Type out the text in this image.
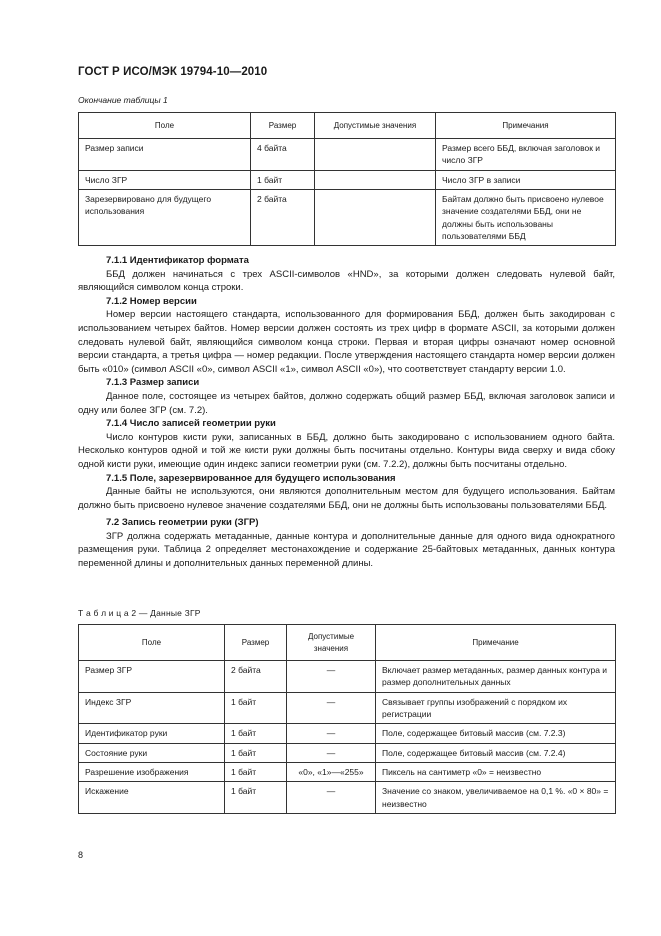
ГОСТ Р ИСО/МЭК 19794-10—2010
Окончание таблицы 1
Поле	Размер	Допустимые значения	Примечания
Размер записи	4 байта		Размер всего ББД, включая заголовок и число ЗГР
Число ЗГР	1 байт		Число ЗГР в записи
Зарезервировано для будущего использования	2 байта		Байтам должно быть присвоено нулевое значение создателями ББД, они не должны быть использованы пользователями ББД
7.1.1 Идентификатор формата

ББД должен начинаться с трех ASCII-символов «HND», за которыми должен следовать нулевой байт, являющийся символом конца строки.

7.1.2 Номер версии

Номер версии настоящего стандарта, использованного для формирования ББД, должен быть закодирован с использованием четырех байтов. Номер версии должен состоять из трех цифр в формате ASCII, за которыми должен следовать нулевой байт, являющийся символом конца строки. Первая и вторая цифры означают номер основной версии стандарта, а третья цифра — номер редакции. После утверждения настоящего стандарта номер версии должен быть «010» (символ ASCII «0», символ ASCII «1», символ ASCII «0»), что соответствует стандарту версии 1.0.

7.1.3 Размер записи

Данное поле, состоящее из четырех байтов, должно содержать общий размер ББД, включая заголовок записи и одну или более ЗГР (см. 7.2).

7.1.4 Число записей геометрии руки

Число контуров кисти руки, записанных в ББД, должно быть закодировано с использованием одного байта. Несколько контуров одной и той же кисти руки должны быть посчитаны отдельно. Контуры вида сверху и вида сбоку одной кисти руки, имеющие один индекс записи геометрии руки (см. 7.2.2), должны быть посчитаны отдельно.

7.1.5 Поле, зарезервированное для будущего использования

Данные байты не используются, они являются дополнительным местом для будущего использования. Байтам должно быть присвоено нулевое значение создателями ББД, они не должны быть использованы пользователями ББД.

7.2 Запись геометрии руки (ЗГР)

ЗГР должна содержать метаданные, данные контура и дополнительные данные для одного вида однократного размещения руки. Таблица 2 определяет местонахождение и содержание 25-байтовых метаданных, данных контура переменной длины и дополнительных данных переменной длины.

Т а б л и ц а 2 — Данные ЗГР
Поле	Размер	Допустимые значения	Примечание
Размер ЗГР	2 байта	—	Включает размер метаданных, размер данных контура и размер дополнительных данных
Индекс ЗГР	1 байт	—	Связывает группы изображений с порядком их регистрации
Идентификатор руки	1 байт	—	Поле, содержащее битовый массив (см. 7.2.3)
Состояние руки	1 байт	—	Поле, содержащее битовый массив (см. 7.2.4)
Разрешение изображения	1 байт	«0», «1»—«255»	Пиксель на сантиметр «0» = неизвестно
Искажение	1 байт	—	Значение со знаком, увеличиваемое на 0,1 %. «0 × 80» = неизвестно
8
